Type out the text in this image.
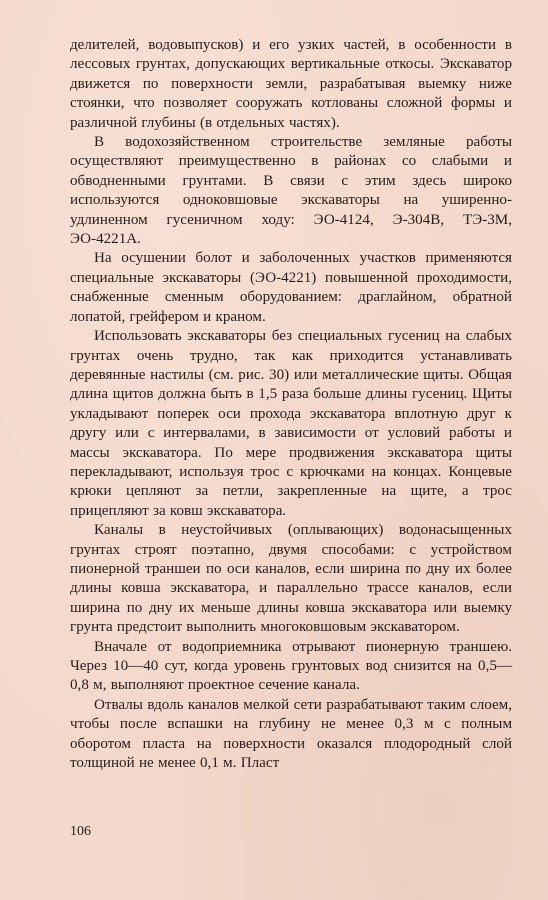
делителей, водовыпусков) и его узких частей, в особенности в лессовых грунтах, допускающих вертикальные откосы. Экскаватор движется по поверхности земли, разрабатывая выемку ниже стоянки, что позволяет сооружать котлованы сложной формы и различной глубины (в отдельных частях).

В водохозяйственном строительстве земляные работы осуществляют преимущественно в районах со слабыми и обводненными грунтами. В связи с этим здесь широко используются одноковшовые экскаваторы на уширенно-удлиненном гусеничном ходу: ЭО-4124, Э-304В, ТЭ-3М, ЭО-4221А.

На осушении болот и заболоченных участков применяются специальные экскаваторы (ЭО-4221) повышенной проходимости, снабженные сменным оборудованием: драглайном, обратной лопатой, грейфером и краном.

Использовать экскаваторы без специальных гусениц на слабых грунтах очень трудно, так как приходится устанавливать деревянные настилы (см. рис. 30) или металлические щиты. Общая длина щитов должна быть в 1,5 раза больше длины гусениц. Щиты укладывают поперек оси прохода экскаватора вплотную друг к другу или с интервалами, в зависимости от условий работы и массы экскаватора. По мере продвижения экскаватора щиты перекладывают, используя трос с крючками на концах. Концевые крюки цепляют за петли, закрепленные на щите, а трос прицепляют за ковш экскаватора.

Каналы в неустойчивых (оплывающих) водонасыщенных грунтах строят поэтапно, двумя способами: с устройством пионерной траншеи по оси каналов, если ширина по дну их более длины ковша экскаватора, и параллельно трассе каналов, если ширина по дну их меньше длины ковша экскаватора или выемку грунта предстоит выполнить многоковшовым экскаватором.

Вначале от водоприемника отрывают пионерную траншею. Через 10—40 сут, когда уровень грунтовых вод снизится на 0,5—0,8 м, выполняют проектное сечение канала.

Отвалы вдоль каналов мелкой сети разрабатывают таким слоем, чтобы после вспашки на глубину не менее 0,3 м с полным оборотом пласта на поверхности оказался плодородный слой толщиной не менее 0,1 м. Пласт

106
